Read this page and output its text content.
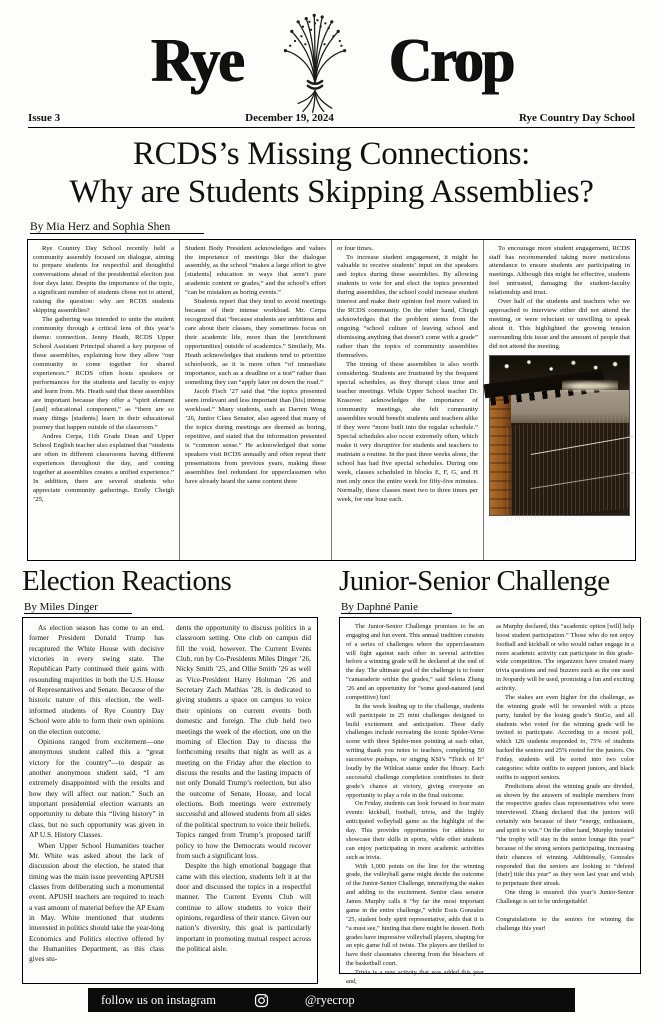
Rye Crop
Issue 3	December 19, 2024	Rye Country Day School
RCDS’s Missing Connections:
Why are Students Skipping Assemblies?
By Mia Herz and Sophia Shen

Rye Country Day School recently held a community assembly focused on dialogue, aiming to prepare students for respectful and thoughtful conversations ahead of the presidential election just four days later. Despite the importance of the topic, a significant number of students chose not to attend, raising the question: why are RCDS students skipping assemblies?

The gathering was intended to unite the student community through a critical lens of this year’s theme: connection. Jenny Heath, RCDS Upper School Assistant Principal shared a key purpose of these assemblies, explaining how they allow “our community to come together for shared experiences.” RCDS often hosts speakers or performances for the students and faculty to enjoy and learn from. Ms. Heath said that these assemblies are important because they offer a “spirit element [and] educational component,” as “there are so many things [students] learn in their educational journey that happen outside of the classroom.”

Andres Cerpa, 11th Grade Dean and Upper School English teacher also explained that “students are often in different classrooms having different experiences throughout the day, and coming together at assemblies creates a unified experience.” In addition, there are several students who appreciate community gatherings. Emily Cheigh ’25,

Student Body President acknowledges and values the importance of meetings like the dialogue assembly, as the school “makes a large effort to give [students] education in ways that aren’t pure academic content or grades,” and the school’s effort “can be mistaken as boring events.”

Students report that they tend to avoid meetings because of their intense workload. Mr. Cerpa recognized that “because students are ambitious and care about their classes, they sometimes focus on their academic life, more than the [enrichment opportunities] outside of academics.” Similarly, Ms. Heath acknowledges that students tend to prioritize schoolwork, as it is more often “of immediate importance, such as a deadline or a test” rather than something they can “apply later on down the road.”

Jacob Fisch ’27 said that “the topics presented seem irrelevant and less important than [his] intense workload.” Many students, such as Darren Wong ’26, Junior Class Senator, also agreed that many of the topics during meetings are deemed as boring, repetitive, and stated that the information presented is “common sense.” He acknowledged that some speakers visit RCDS annually and often repeat their presentations from previous years, making these assemblies feel redundant for upperclassmen who have already heard the same content three

or four times.

To increase student engagement, it might be valuable to receive students’ input on the speakers and topics during these assemblies. By allowing students to vote for and elect the topics presented during assemblies, the school could increase student interest and make their opinion feel more valued in the RCDS community. On the other hand, Cheigh acknowledges that the problem stems from the ongoing “school culture of leaving school and dismissing anything that doesn’t come with a grade” rather than the topics of community assemblies themselves.

The timing of these assemblies is also worth considering. Students are frustrated by the frequent special schedules, as they disrupt class time and teacher meetings. While Upper School teacher Dr. Krasovec acknowledges the importance of community meetings, she felt community assemblies would benefit students and teachers alike if they were “more built into the regular schedule.” Special schedules also occur extremely often, which make it very disruptive for students and teachers to maintain a routine. In the past three weeks alone, the school has had five special schedules. During one week, classes scheduled in blocks E, F, G, and H met only once the entire week for fifty-five minutes. Normally, these classes meet two to three times per week, for one hour each.

To encourage more student engagement, RCDS staff has recommended taking more meticulous attendance to ensure students are participating in meetings. Although this might be effective, students feel untrusted, damaging the student-faculty relationship and trust.

Over half of the students and teachers who we approached to interview either did not attend the meeting, or were reluctant or unwilling to speak about it. This highlighted the growing tension surrounding this issue and the amount of people that did not attend the meeting.

Election Reactions
By Miles Dinger

As election season has come to an end, former President Donald Trump has recaptured the White House with decisive victories in every swing state. The Republican Party continued their gains with resounding majorities in both the U.S. House of Representatives and Senate. Because of the historic nature of this election, the well-informed students of Rye Country Day School were able to form their own opinions on the election outcome.

Opinions ranged from excitement—one anonymous student called this a “great victory for the country”—to despair as another anonymous student said, “I am extremely disappointed with the results and how they will affect our nation.” Such an important presidential election warrants an opportunity to debate this “living history” in class, but no such opportunity was given in AP U.S. History Classes.

When Upper School Humanities teacher Mr. White was asked about the lack of discussion about the election, he stated that timing was the main issue preventing APUSH classes from deliberating such a monumental event. APUSH teachers are required to teach a vast amount of material before the AP Exam in May. White mentioned that students interested in politics should take the year-long Economics and Politics elective offered by the Humanities Department, as this class gives stu-

dents the opportunity to discuss politics in a classroom setting. One club on campus did fill the void, however. The Current Events Club, run by Co-Presidents Miles Dinger ’26, Nicky Smith ’25, and Ollie Smith ’26 as well as Vice-President Harry Holtman ’26 and Secretary Zach Mathias ’28, is dedicated to giving students a space on campus to voice their opinions on current events both domestic and foreign. The club held two meetings the week of the election, one on the morning of Election Day to discuss the forthcoming results that night as well as a meeting on the Friday after the election to discuss the results and the lasting impacts of not only Donald Trump’s reelection, but also the outcome of Senate, House, and local elections. Both meetings were extremely successful and allowed students from all sides of the political spectrum to voice their beliefs. Topics ranged from Trump’s proposed tariff policy to how the Democrats would recover from such a significant loss.

Despite the high emotional baggage that came with this election, students left it at the door and discussed the topics in a respectful manner. The Current Events Club will continue to allow students to voice their opinions, regardless of their stance. Given our nation’s diversity, this goal is particularly important in promoting mutual respect across the political aisle.

Junior-Senior Challenge
By Daphné Panie

The Junior-Senior Challenge promises to be an engaging and fun event. This annual tradition consists of a series of challenges where the upperclassmen will fight against each other in several activities before a winning grade will be declared at the end of the day. The ultimate goal of the challenge is to foster “camaraderie within the grades,” said Selena Zhang ’26 and an opportunity for “some good-natured (and competitive) fun!

In the week leading up to the challenge, students will participate in 25 mini challenges designed to build excitement and anticipation. These daily challenges include recreating the iconic Spider-Verse scene with three Spider-men pointing at each other, writing thank you notes to teachers, completing 50 successive pushups, or singing KSI’s “Thick of It” loudly by the Wildcat statue under the library. Each successful challenge completion contributes to their grade’s chance at victory, giving everyone an opportunity to play a role in the final outcome.

On Friday, students can look forward to four main events: kickball, football, trivia, and the highly anticipated volleyball game as the highlight of the day. This provides opportunities for athletes to showcase their skills in sports, while other students can enjoy participating in more academic activities such as trivia.

With 1,000 points on the line for the winning grade, the volleyball game might decide the outcome of the Junior-Senior Challenge, intensifying the stakes and adding to the excitement. Senior class senator James Murphy calls it “by far the most important game in the entire challenge,” while Essis Gonzalez ’25, student body spirit representative, adds that it is “a must see,” hinting that there might be dessert. Both grades have impressive volleyball players, shaping for an epic game full of twists. The players are thrilled to have their classmates cheering from the bleachers of the basketball court.

Trivia is a new activity that was added this year and,

as Murphy declared, this “academic option [will] help boost student participation.” Those who do not enjoy football and kickball or who would rather engage in a more academic activity can participate in this grade-wide competition. The organizers have created many trivia questions and real buzzers such as the one used in Jeopardy will be used, promising a fun and exciting activity.

The stakes are even higher for the challenge, as the winning grade will be rewarded with a pizza party, funded by the losing grade’s StuGo, and all students who voted for the winning grade will be invited to participate. According to a recent poll, which 126 students responded to, 75% of students backed the seniors and 25% rooted for the juniors. On Friday, students will be sorted into two color categories: white outfits to support juniors, and black outfits to support seniors.

Predictions about the winning grade are divided, as shown by the answers of multiple members from the respective grades class representatives who were interviewed. Zhang declared that the juniors will certainly win because of their “energy, enthusiasm, and spirit to win.” On the other hand, Murphy insisted “the trophy will stay in the senior lounge this year” because of the strong seniors participating, increasing their chances of winning. Additionally, Gonzales responded that the seniors are looking to “defend [their] title this year” as they won last year and wish to perpetuate their streak.

One thing is ensured: this year’s Junior-Senior Challenge is set to be unforgettable!

Congratulations to the seniors for winning the challenge this year!

follow us on instagram	@ryecrop
